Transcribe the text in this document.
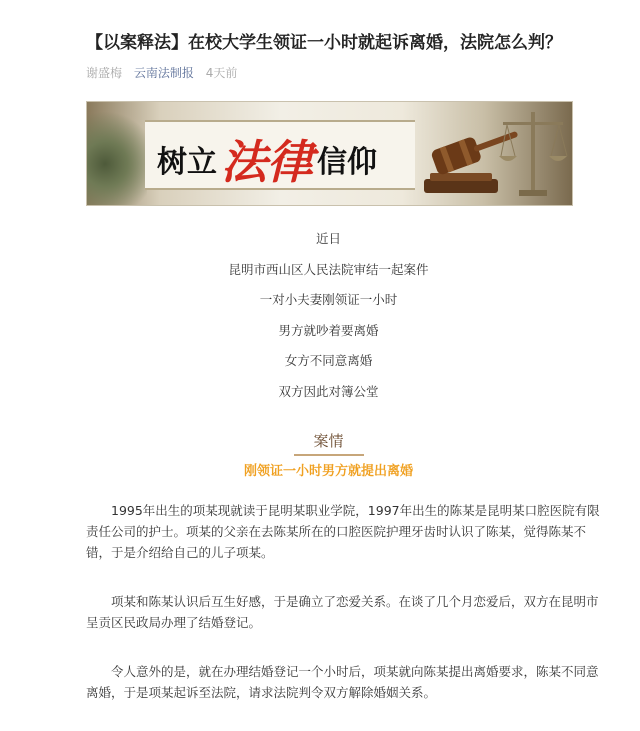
【以案释法】在校大学生领证一小时就起诉离婚，法院怎么判？
谢盛梅 云南法制报 4天前
树立法律 信仰

近日

昆明市西山区人民法院审结一起案件

一对小夫妻刚领证一小时

男方就吵着要离婚

女方不同意离婚

双方因此对簿公堂

案情
刚领证一小时男方就提出离婚

1995年出生的项某现就读于昆明某职业学院，1997年出生的陈某是昆明某口腔医院有限责任公司的护士。项某的父亲在去陈某所在的口腔医院护理牙齿时认识了陈某，觉得陈某不错，于是介绍给自己的儿子项某。

项某和陈某认识后互生好感，于是确立了恋爱关系。在谈了几个月恋爱后，双方在昆明市呈贡区民政局办理了结婚登记。

令人意外的是，就在办理结婚登记一个小时后，项某就向陈某提出离婚要求，陈某不同意离婚，于是项某起诉至法院，请求法院判令双方解除婚姻关系。
